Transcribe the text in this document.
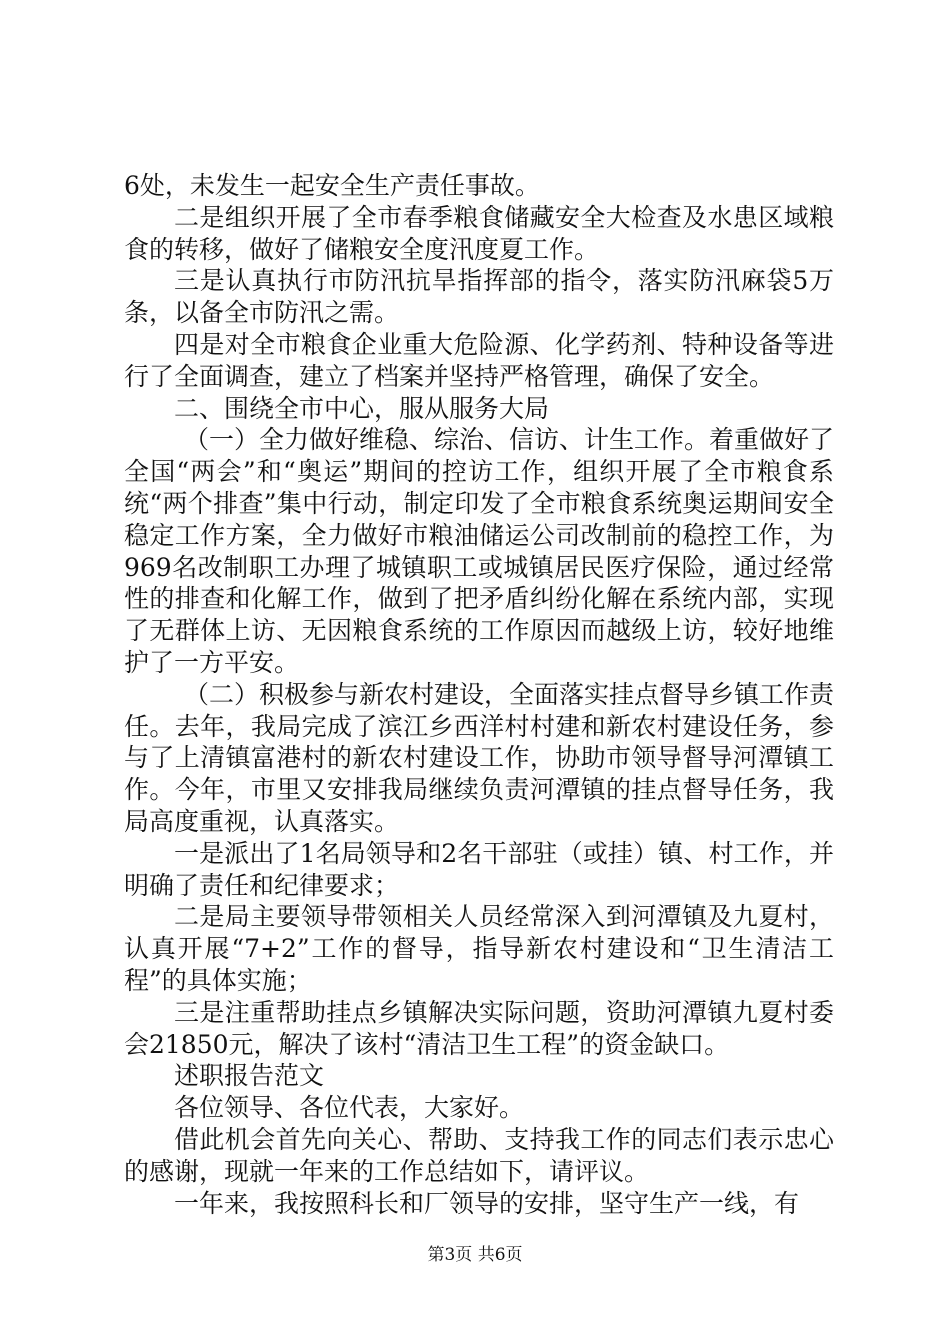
6处，未发生一起安全生产责任事故。

二是组织开展了全市春季粮食储藏安全大检查及水患区域粮食的转移，做好了储粮安全度汛度夏工作。

三是认真执行市防汛抗旱指挥部的指令，落实防汛麻袋5万条，以备全市防汛之需。

四是对全市粮食企业重大危险源、化学药剂、特种设备等进行了全面调查，建立了档案并坚持严格管理，确保了安全。

二、围绕全市中心，服从服务大局

（一）全力做好维稳、综治、信访、计生工作。着重做好了全国“两会”和“奥运”期间的控访工作，组织开展了全市粮食系统“两个排查”集中行动，制定印发了全市粮食系统奥运期间安全稳定工作方案，全力做好市粮油储运公司改制前的稳控工作，为969名改制职工办理了城镇职工或城镇居民医疗保险，通过经常性的排查和化解工作，做到了把矛盾纠纷化解在系统内部，实现了无群体上访、无因粮食系统的工作原因而越级上访，较好地维护了一方平安。

（二）积极参与新农村建设，全面落实挂点督导乡镇工作责任。去年，我局完成了滨江乡西洋村村建和新农村建设任务，参与了上清镇富港村的新农村建设工作，协助市领导督导河潭镇工作。今年，市里又安排我局继续负责河潭镇的挂点督导任务，我局高度重视，认真落实。

一是派出了1名局领导和2名干部驻（或挂）镇、村工作，并明确了责任和纪律要求；

二是局主要领导带领相关人员经常深入到河潭镇及九夏村，认真开展“7+2”工作的督导，指导新农村建设和“卫生清洁工程”的具体实施；

三是注重帮助挂点乡镇解决实际问题，资助河潭镇九夏村委会21850元，解决了该村“清洁卫生工程”的资金缺口。

述职报告范文

各位领导、各位代表，大家好。

借此机会首先向关心、帮助、支持我工作的同志们表示忠心的感谢，现就一年来的工作总结如下，请评议。

一年来，我按照科长和厂领导的安排，坚守生产一线，有

第3页 共6页
